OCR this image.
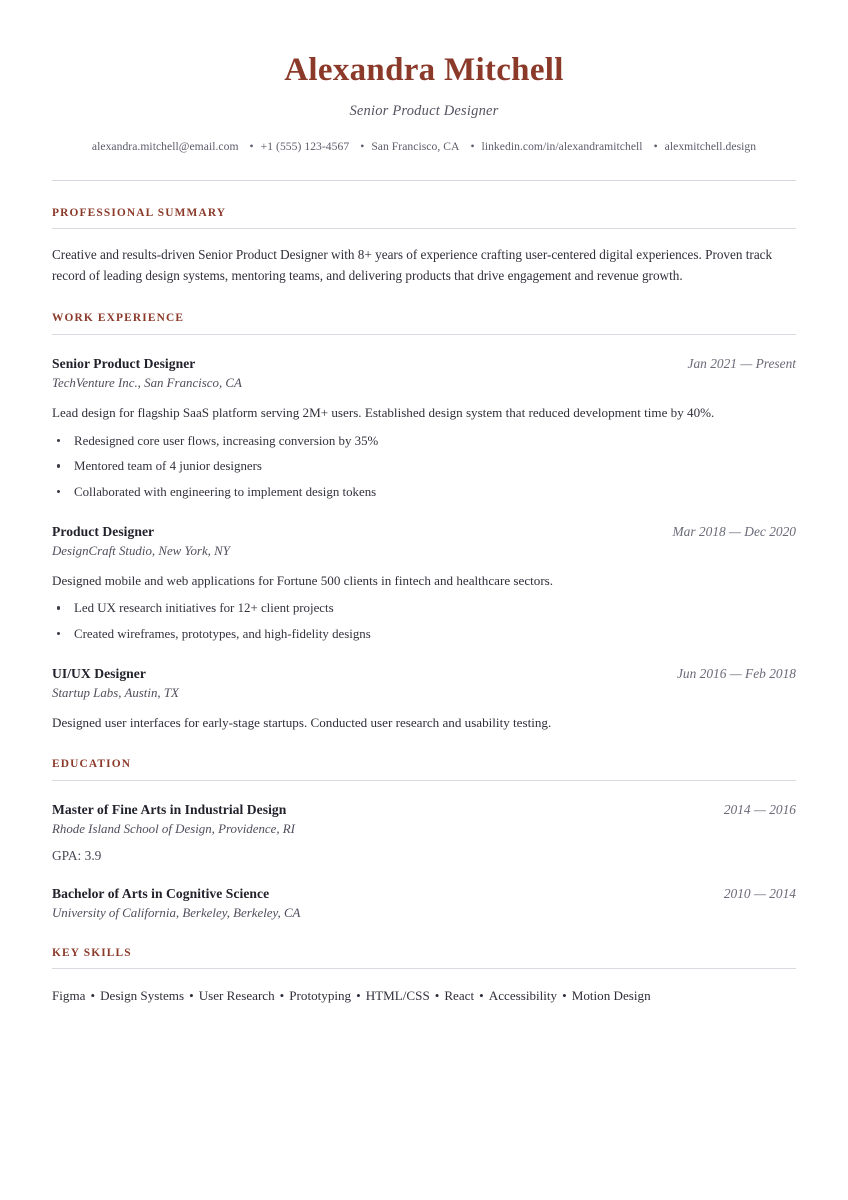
Alexandra Mitchell
Senior Product Designer
alexandra.mitchell@email.com • +1 (555) 123-4567 • San Francisco, CA • linkedin.com/in/alexandramitchell • alexmitchell.design
PROFESSIONAL SUMMARY

Creative and results-driven Senior Product Designer with 8+ years of experience crafting user-centered digital experiences. Proven track record of leading design systems, mentoring teams, and delivering products that drive engagement and revenue growth.

WORK EXPERIENCE
Senior Product Designer	Jan 2021 — Present
TechVenture Inc., San Francisco, CA
Lead design for flagship SaaS platform serving 2M+ users. Established design system that reduced development time by 40%.
Redesigned core user flows, increasing conversion by 35%
Mentored team of 4 junior designers
Collaborated with engineering to implement design tokens
Product Designer	Mar 2018 — Dec 2020
DesignCraft Studio, New York, NY
Designed mobile and web applications for Fortune 500 clients in fintech and healthcare sectors.
Led UX research initiatives for 12+ client projects
Created wireframes, prototypes, and high-fidelity designs
UI/UX Designer	Jun 2016 — Feb 2018
Startup Labs, Austin, TX
Designed user interfaces for early-stage startups. Conducted user research and usability testing.
EDUCATION
Master of Fine Arts in Industrial Design	2014 — 2016
Rhode Island School of Design, Providence, RI
GPA: 3.9
Bachelor of Arts in Cognitive Science	2010 — 2014
University of California, Berkeley, Berkeley, CA
KEY SKILLS
Figma • Design Systems • User Research • Prototyping • HTML/CSS • React • Accessibility • Motion Design
